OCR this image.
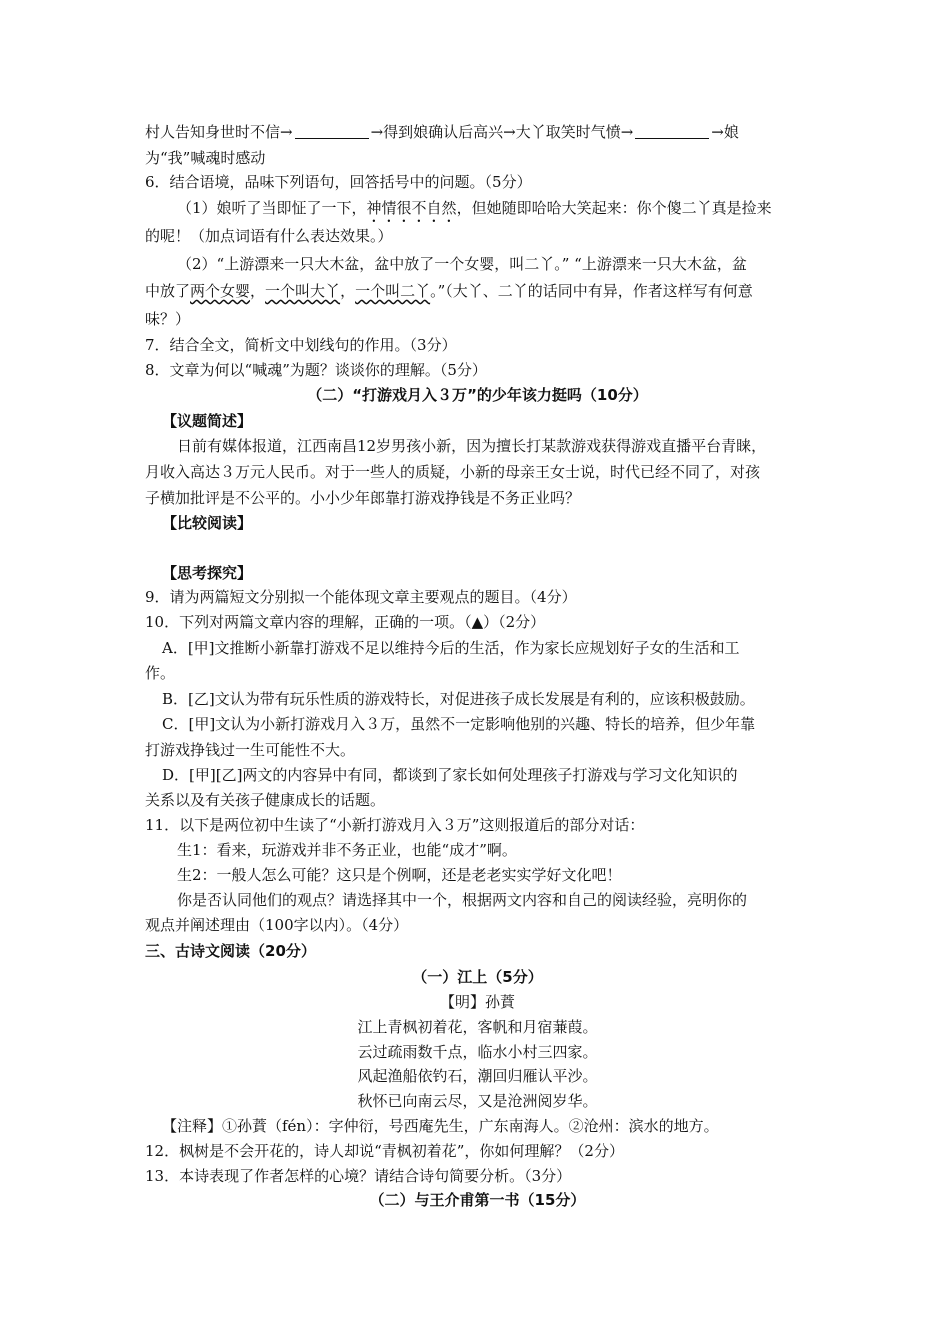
村人告知身世时不信→	→得到娘确认后高兴→大丫取笑时气愤→	→娘
为“我”喊魂时感动
6．结合语境，品味下列语句，回答括号中的问题。（5分）
（1）娘听了当即怔了一下，神情很不自然，但她随即哈哈大笑起来：你个傻二丫真是捡来
的呢！（加点词语有什么表达效果。）
（2）“上游漂来一只大木盆，盆中放了一个女婴，叫二丫。” “上游漂来一只大木盆，盆
中放了两个女婴，一个叫大丫，一个叫二丫。”（大丫、二丫的话同中有异，作者这样写有何意
味？）
7．结合全文，简析文中划线句的作用。（3分）
8．文章为何以“喊魂”为题？谈谈你的理解。（5分）
（二）“打游戏月入３万”的少年该力挺吗（10分）
【议题简述】
日前有媒体报道，江西南昌12岁男孩小新，因为擅长打某款游戏获得游戏直播平台青睐，
月收入高达３万元人民币。对于一些人的质疑，小新的母亲王女士说，时代已经不同了，对孩
子横加批评是不公平的。小小少年郎靠打游戏挣钱是不务正业吗？
【比较阅读】
【思考探究】
9．请为两篇短文分别拟一个能体现文章主要观点的题目。（4分）
10．下列对两篇文章内容的理解，正确的一项。（▲）（2分）
A．[甲]文推断小新靠打游戏不足以维持今后的生活，作为家长应规划好子女的生活和工
作。
B．[乙]文认为带有玩乐性质的游戏特长，对促进孩子成长发展是有利的，应该积极鼓励。
C．[甲]文认为小新打游戏月入３万，虽然不一定影响他别的兴趣、特长的培养，但少年靠
打游戏挣钱过一生可能性不大。
D．[甲][乙]两文的内容异中有同，都谈到了家长如何处理孩子打游戏与学习文化知识的
关系以及有关孩子健康成长的话题。
11．以下是两位初中生读了“小新打游戏月入３万”这则报道后的部分对话：
生1：看来，玩游戏并非不务正业，也能“成才”啊。
生2：一般人怎么可能？这只是个例啊，还是老老实实学好文化吧！
你是否认同他们的观点？请选择其中一个，根据两文内容和自己的阅读经验，亮明你的
观点并阐述理由（100字以内）。（4分）
三、古诗文阅读（20分）
（一）江上（5分）
【明】孙蕡
江上青枫初着花，客帆和月宿蒹葭。
云过疏雨数千点，临水小村三四家。
风起渔船依钓石，潮回归雁认平沙。
秋怀已向南云尽，又是沧洲阅岁华。
【注释】①孙蕡（fén）：字仲衍，号西庵先生，广东南海人。②沧州：滨水的地方。
12．枫树是不会开花的，诗人却说“青枫初着花”，你如何理解？（2分）
13．本诗表现了作者怎样的心境？请结合诗句简要分析。（3分）
（二）与王介甫第一书（15分）
